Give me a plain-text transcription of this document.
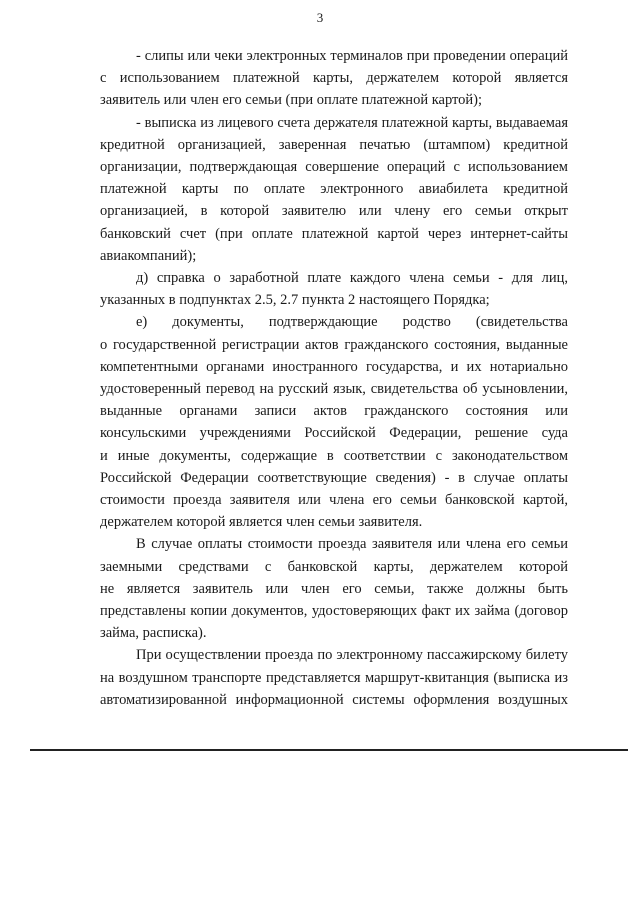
3
- слипы или чеки электронных терминалов при проведении операций
с использованием платежной карты, держателем которой является
заявитель или член его семьи (при оплате платежной картой);
- выписка из лицевого счета держателя платежной карты, выдаваемая
кредитной организацией, заверенная печатью (штампом) кредитной
организации, подтверждающая совершение операций с использованием
платежной карты по оплате электронного авиабилета кредитной
организацией, в которой заявителю или члену его семьи открыт
банковский счет (при оплате платежной картой через интернет-сайты
авиакомпаний);
д) справка о заработной плате каждого члена семьи - для лиц,
указанных в подпунктах 2.5, 2.7 пункта 2 настоящего Порядка;
е) документы, подтверждающие родство (свидетельства
о государственной регистрации актов гражданского состояния, выданные
компетентными органами иностранного государства, и их нотариально
удостоверенный перевод на русский язык, свидетельства об усыновлении,
выданные органами записи актов гражданского состояния или
консульскими учреждениями Российской Федерации, решение суда
и иные документы, содержащие в соответствии с законодательством
Российской Федерации соответствующие сведения) - в случае оплаты
стоимости проезда заявителя или члена его семьи банковской картой,
держателем которой является член семьи заявителя.
В случае оплаты стоимости проезда заявителя или члена его семьи
заемными средствами с банковской карты, держателем которой
не является заявитель или член его семьи, также должны быть
представлены копии документов, удостоверяющих факт их займа (договор
займа, расписка).
При осуществлении проезда по электронному пассажирскому билету
на воздушном транспорте представляется маршрут-квитанция (выписка из
автоматизированной информационной системы оформления воздушных
